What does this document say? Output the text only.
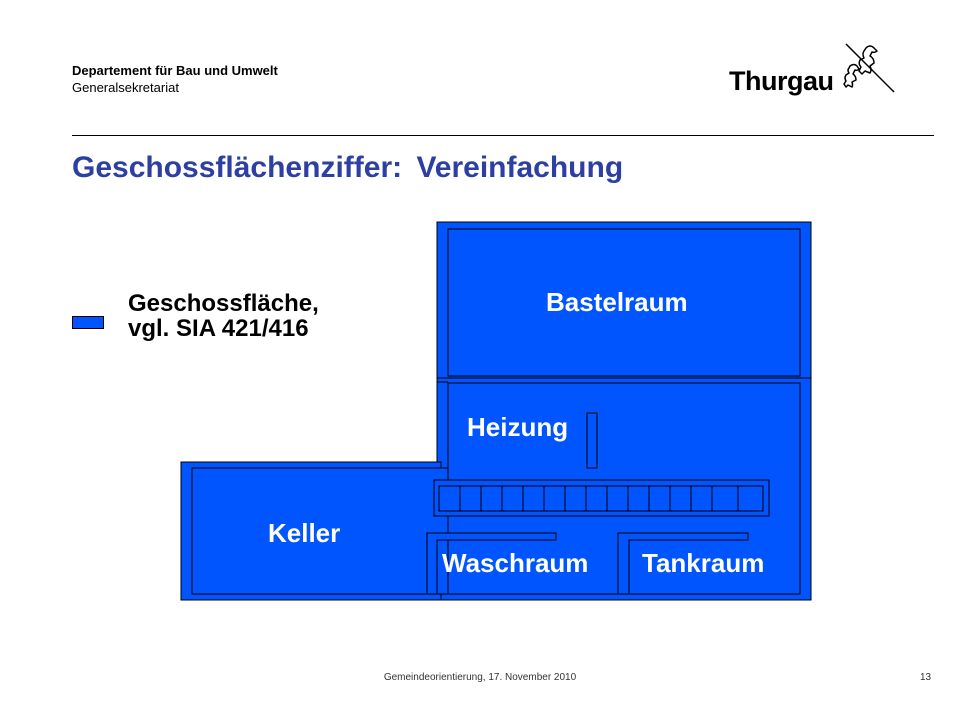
Departement für Bau und Umwelt
Generalsekretariat	Thurgau
Geschossflächenziffer: Vereinfachung
Geschossfläche,
vgl. SIA 421/416
Bastelraum
Heizung
Keller
Waschraum Tankraum
Gemeindeorientierung, 17. November 2010	13
